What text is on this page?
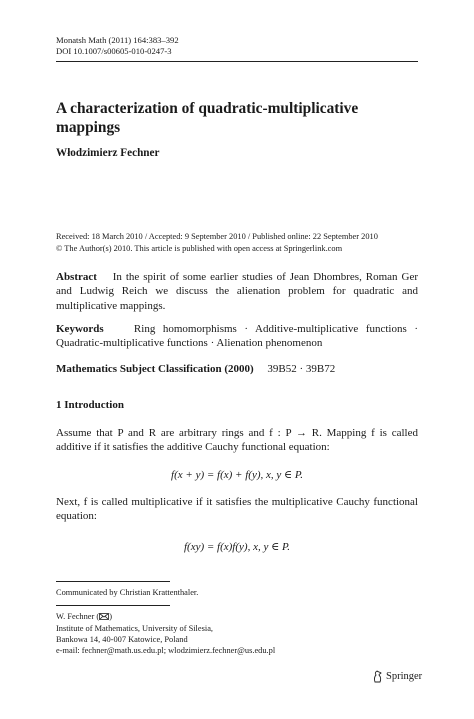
Monatsh Math (2011) 164:383–392
DOI 10.1007/s00605-010-0247-3
A characterization of quadratic-multiplicative mappings
Włodzimierz Fechner
Received: 18 March 2010 / Accepted: 9 September 2010 / Published online: 22 September 2010
© The Author(s) 2010. This article is published with open access at Springerlink.com
Abstract In the spirit of some earlier studies of Jean Dhombres, Roman Ger and Ludwig Reich we discuss the alienation problem for quadratic and multiplicative mappings.
Keywords	Ring homomorphisms · Additive-multiplicative functions · Quadratic-multiplicative functions · Alienation phenomenon
Mathematics Subject Classification (2000) 39B52 · 39B72
1 Introduction
Assume that P and R are arbitrary rings and f : P → R. Mapping f is called additive if it satisfies the additive Cauchy functional equation:
f(x + y) = f(x) + f(y), x, y ∈ P.
Next, f is called multiplicative if it satisfies the multiplicative Cauchy functional equation:
f(xy) = f(x)f(y), x, y ∈ P.
Communicated by Christian Krattenthaler.
W. Fechner ( )
Institute of Mathematics, University of Silesia,
Bankowa 14, 40-007 Katowice, Poland
e-mail: fechner@math.us.edu.pl; wlodzimierz.fechner@us.edu.pl
Springer
